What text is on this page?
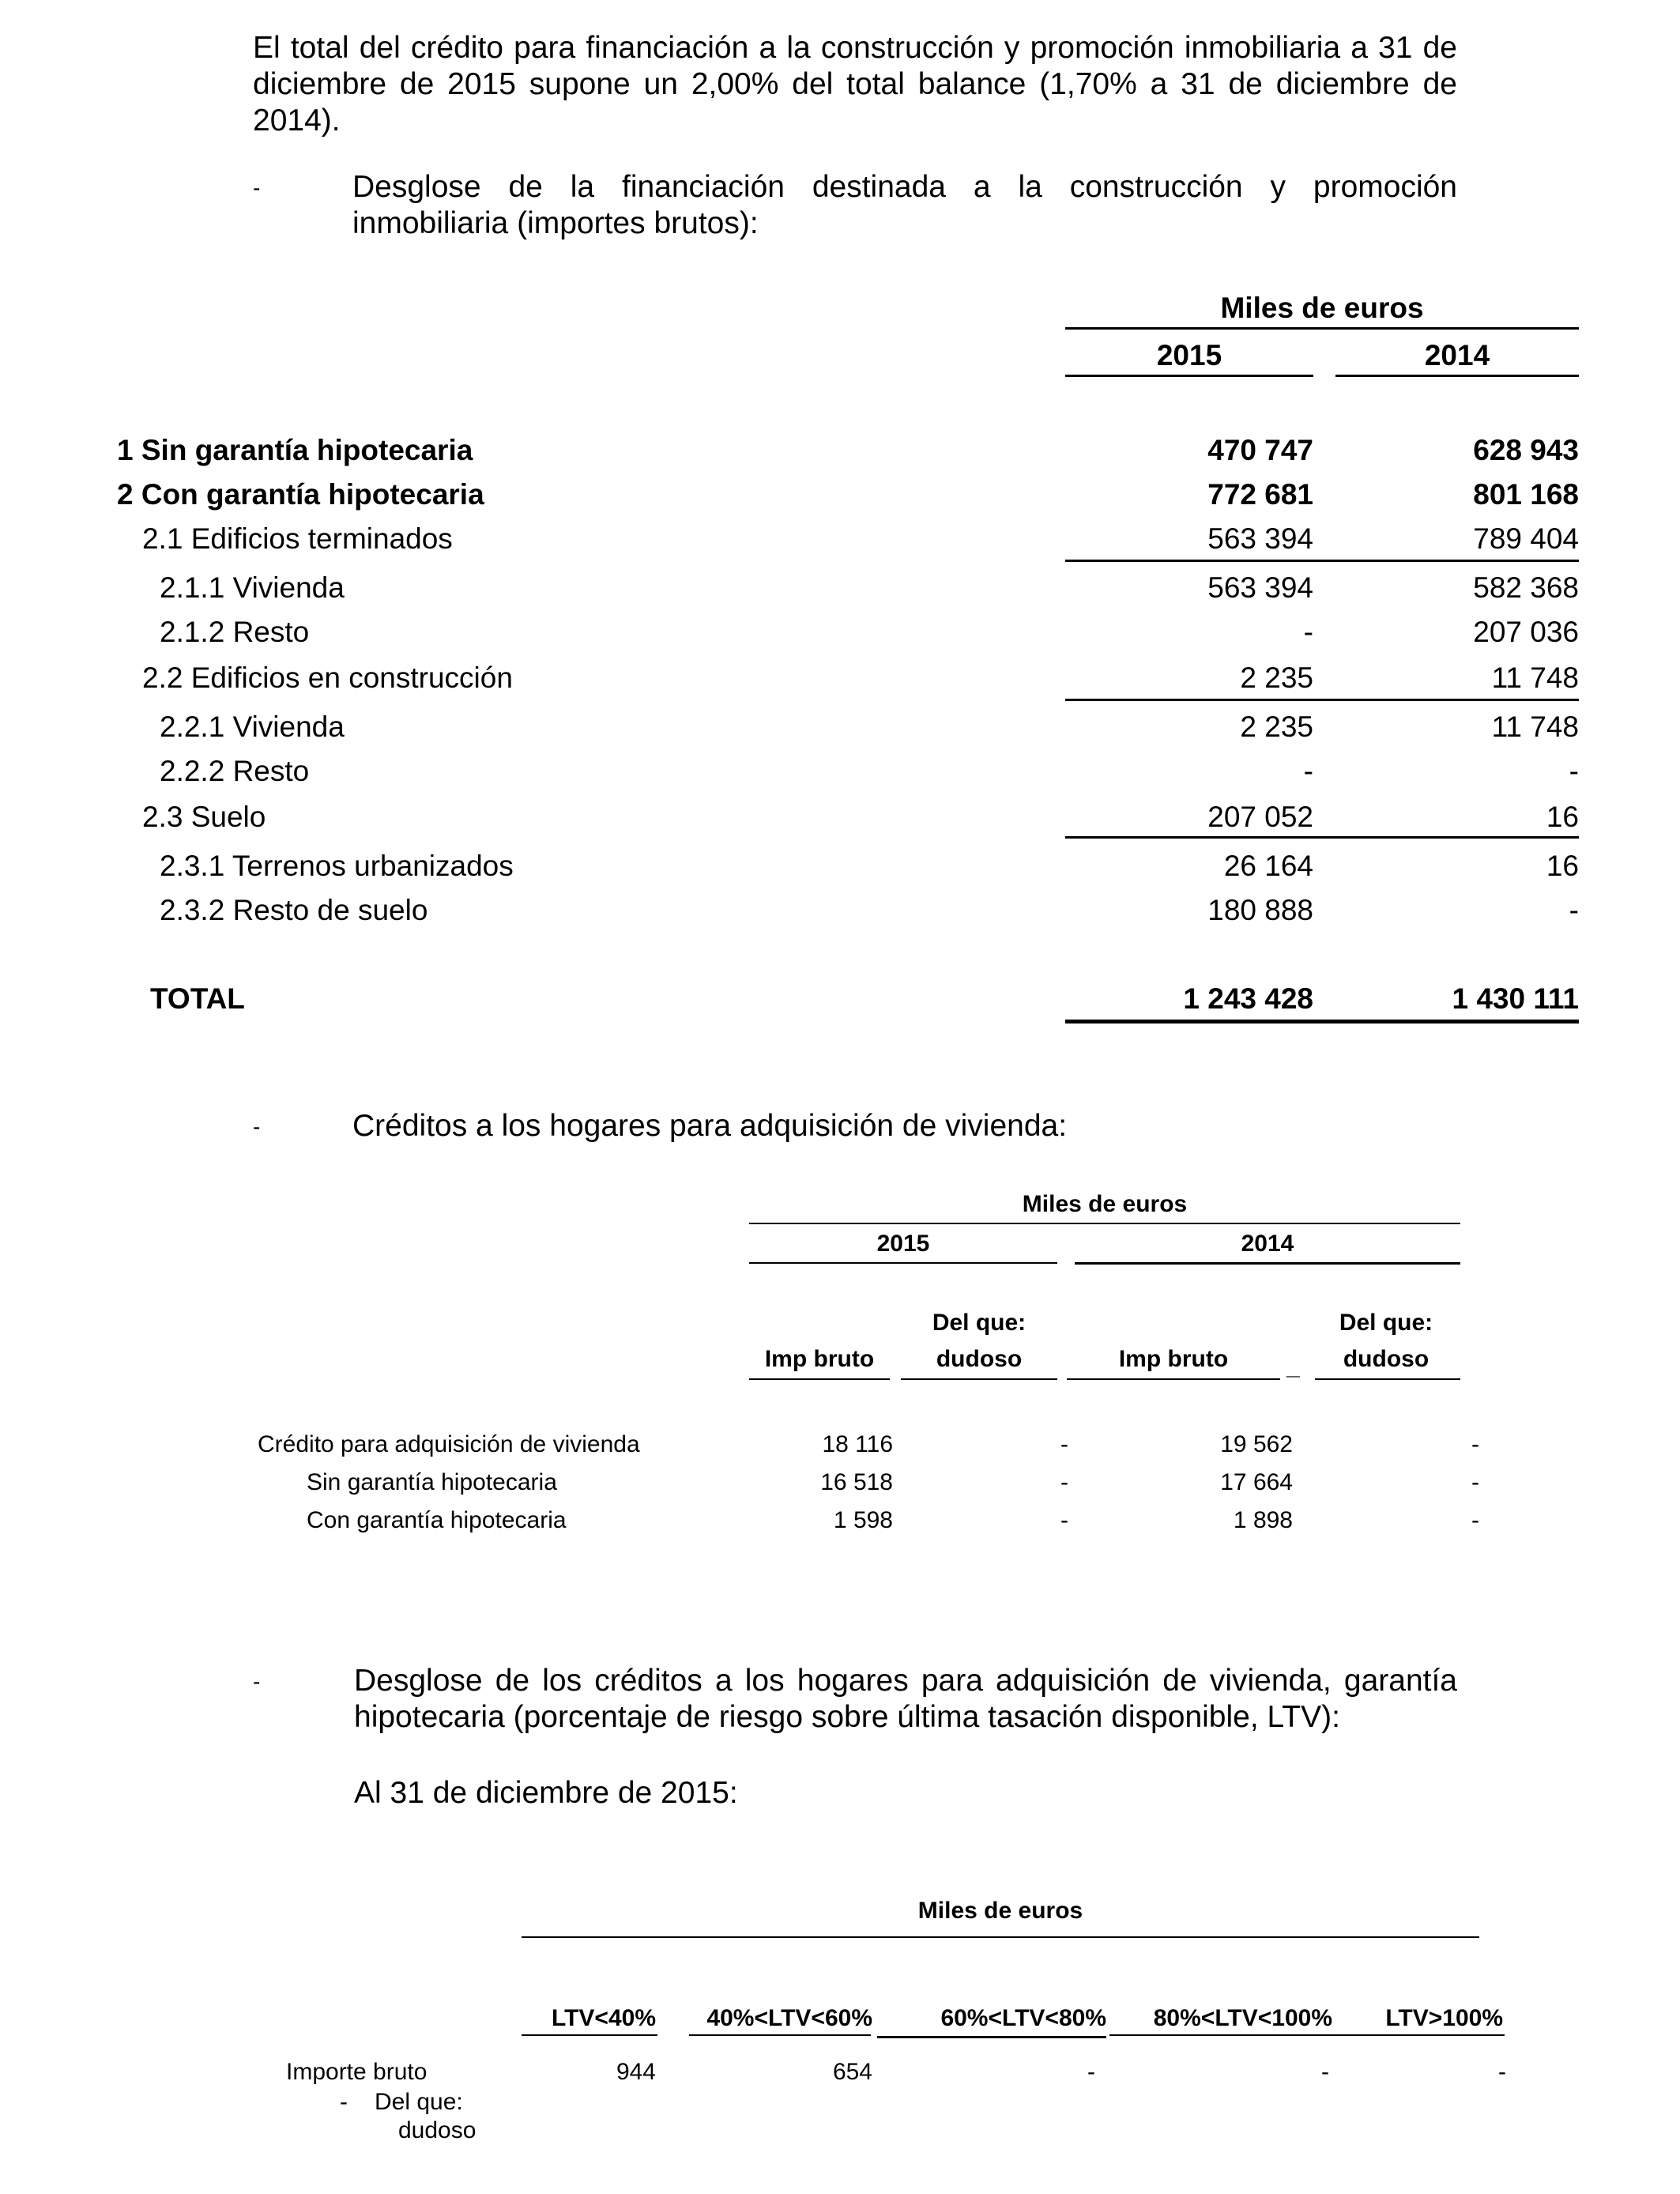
El total del crédito para financiación a la construcción y promoción inmobiliaria a 31 de
diciembre de 2015 supone un 2,00% del total balance (1,70% a 31 de diciembre de
2014).
-	Desglose de la financiación destinada a la construcción y promoción
inmobiliaria (importes brutos):
Miles de euros
2015	2014
1 Sin garantía hipotecaria	470 747	628 943
2 Con garantía hipotecaria	772 681	801 168
2.1 Edificios terminados	563 394	789 404
2.1.1 Vivienda	563 394	582 368
2.1.2 Resto	-	207 036
2.2 Edificios en construcción	2 235	11 748
2.2.1 Vivienda	2 235	11 748
2.2.2 Resto	-	-
2.3 Suelo	207 052	16
2.3.1 Terrenos urbanizados	26 164	16
2.3.2 Resto de suelo	180 888	-
TOTAL	1 243 428	1 430 111
-	Créditos a los hogares para adquisición de vivienda:
Miles de euros
2015	2014
Del que:	Del que:
Imp bruto	dudoso	Imp bruto	_	dudoso
Crédito para adquisición de vivienda	18 116	-	19 562	-
Sin garantía hipotecaria	16 518	-	17 664	-
Con garantía hipotecaria	1 598	-	1 898	-
-	Desglose de los créditos a los hogares para adquisición de vivienda, garantía
hipotecaria (porcentaje de riesgo sobre última tasación disponible, LTV):
Al 31 de diciembre de 2015:
Miles de euros
LTV<40%	40%<LTV<60%	60%<LTV<80%	80%<LTV<100%	LTV>100%
Importe bruto	944	654	-	-	-
- Del que:
dudoso
